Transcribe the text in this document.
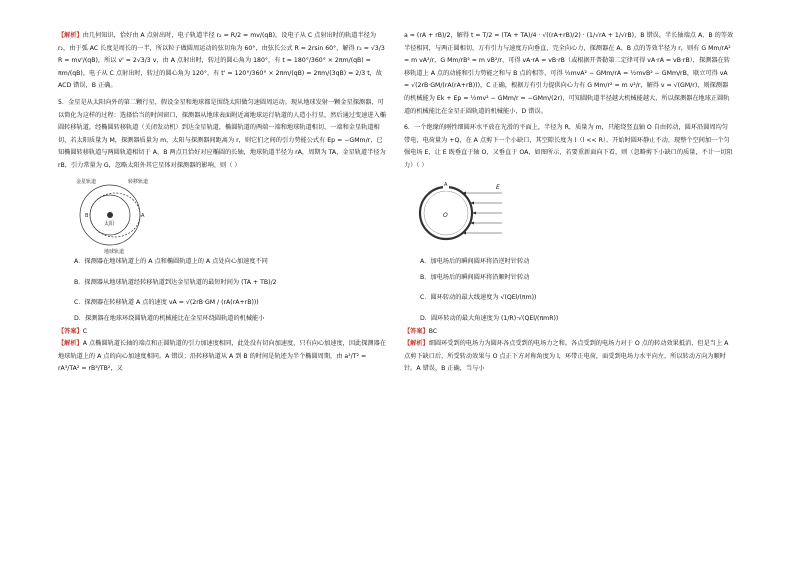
【解析】由几何知识，恰好由 A 点射出时，电子轨道半径 r₂ = R/2 = mv/(qB)，设电子从 C 点射出时的轨道半径为 r₂，由于弧 AC 长度是周长的一半，所以粒子做圆周运动的弦切角为 60°，由弦长公式 R = 2rsin 60°，解得 r₂ = √3/3 R = mv'/(qB)，所以 v' = 2√3/3 v，由 A 点射出时，转过的圆心角为 180°，有 t = 180°/360° × 2πm/(qB) = πm/(qB)，电子从 C 点射出时，转过的圆心角为 120°，有 t' = 120°/360° × 2πm/(qB) = 2πm/(3qB) = 2/3 t，故 ACD 错误，B 正确。

5．金星是从太阳向外的第二颗行星，假设金星和地球都是围绕太阳做匀速圆周运动。现从地球发射一颗金星探测器，可以简化为这样的过程：选择恰当的时间窗口，探测器从地球表面附近离地球运行轨道的人造小行星，然后通过变速进入椭圆转移轨道，经椭圆转移轨道（关闭发动机）到达金星轨道，椭圆轨道的两端一端和地球轨道相切，一端和金星轨道相切，若太阳质量为 M，探测器质量为 m，太阳与探测器间距离为 r，则它们之间的引力势能公式有 Ep = −GMm/r，已知椭圆转移轨道与两圆轨道相切于 A、B 两点且恰好对应椭圆的长轴，地球轨道半径为 rA，周期为 TA，金星轨道半径为 rB，引力常量为 G，忽略太阳外其它星体对探测器的影响，则（ ）

太阳
金星轨道	转移轨道
地球轨道
A
B

A．探测器在地球轨道上的 A 点和椭圆轨道上的 A 点处向心加速度不同

B．探测器从地球轨道经转移轨道到达金星轨道的最短时间为 (TA + TB)/2

C．探测器在转移轨道 A 点的速度 vA = √(2rB·GM / (rA(rA+rB)))

D．探测器在地球环绕圆轨道的机械能比在金星环绕圆轨道的机械能小

【答案】C

【解析】A 点椭圆轨道长轴的端点和正圆轨道的引力加速度相同，此处没有切向加速度，只有向心加速度，因此探测器在地球轨道上的 A 点的向心加速度相同。A 错误；沿转移轨道从 A 到 B 的时间是轨迹为半个椭圆周期，由 a³/T² = rA³/TA² = rB³/TB²，又

a = (rA + rB)/2，解得 t = T/2 = (TA + TA)/4 · √((rA+rB)/2) · (1/√rA + 1/√rB)，B 错误，半长轴端点 A、B 的等效半径相同，与两正圆相切，万有引力与速度方向垂直，完全向心力，探测器在 A、B 点的等效半径为 r，则有 G Mm/rA² = m vA²/r，G Mm/rB² = m vB²/r，可得 vA·rA = vB·rB（或根据开普勒第二定律可得 vA·rA = vB·rB），探测器在转移轨道上 A 点的动能和引力势能之和与 B 点的相等，可得 ½mvA² − GMm/rA = ½mvB² − GMm/rB，联立可得 vA = √(2rB·GM/(rA(rA+rB)))，C 正确，根据万有引力提供向心力有 G Mm/r² = m v²/r，解得 v = √(GM/r)，则探测器的机械能为 Ek + Ep = ½mv² − GMm/r = −GMm/(2r)，可知圆轨道半径越大机械能越大，所以探测器在地球正圆轨道的机械能比在金星正圆轨道的机械能小，D 错误。

6．一个绝缘的刚性细圆环水平放在光滑的平面上，半径为 R，质量为 m，只能绕竖直轴 O 自由转动，圆环沿圆周均匀带电，电荷量为 +Q，在 A 点剪下一个小缺口，其空隙长度为 l（l << R）。开始时圆环静止不动，现整个空间加一个匀强电场 E，让 E 既垂直于轴 O，又垂直于 OA，如图所示，若要重新面向下看，则（忽略剪下小缺口的质量，不计一切阻力）（ ）

A
O
E

A．加电场后的瞬间圆环将沿逆时针转动

B．加电场后的瞬间圆环将沿顺时针转动

C．圆环转动的最大线速度为 √(QEl/(πm))

D．圆环转动的最大角速度为 (1/R)·√(QEl/(πmR))

【答案】BC

【解析】细圆环受到的电场力为圆环各点受到的电场力之和。各点受到的电场力对于 O 点的转动效果抵消，但是当上 A 点剪下缺口后，所受转动效果与 O 点正下方对称角度为 l，环带正电荷，面受到电场力水平向左，所以转动方向为顺时针。A 错误，B 正确，当与小
